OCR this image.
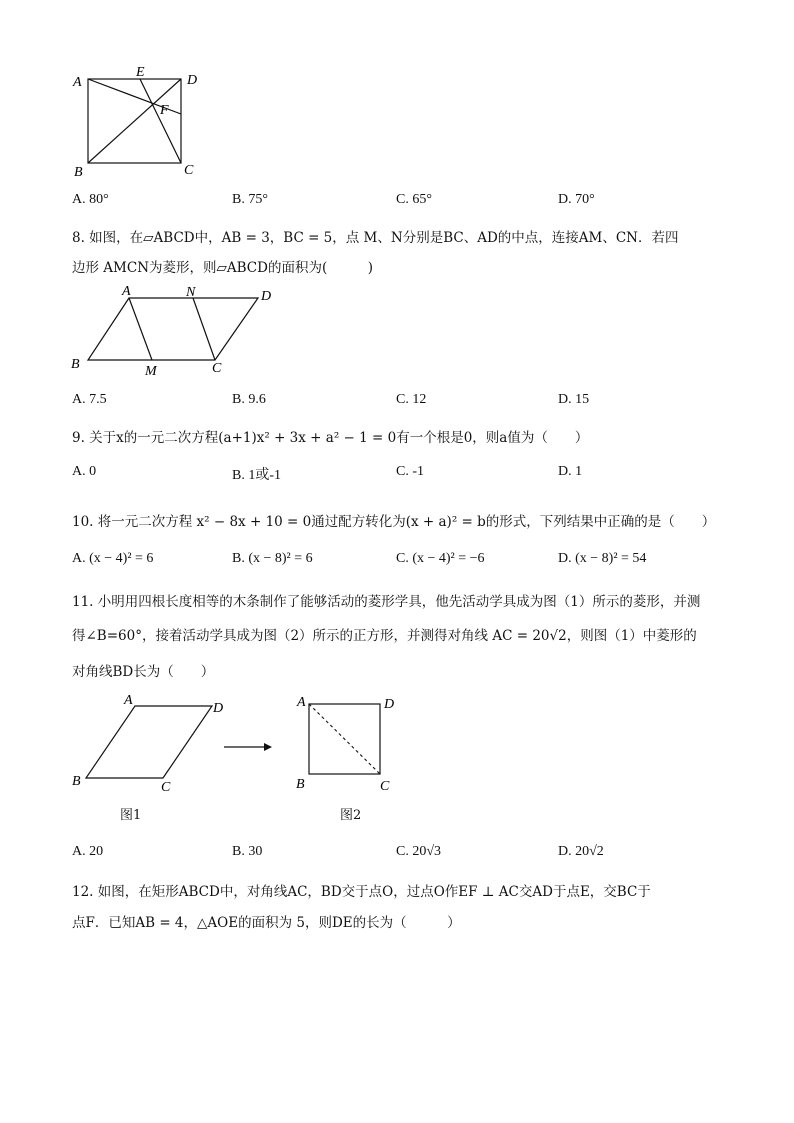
A
E
D
F
B	C
A. 80°	B. 75°	C. 65°	D. 70°
8. 如图，在▱ABCD中，AB = 3，BC = 5，点 M、N分别是BC、AD的中点，连接AM、CN．若四
边形 AMCN为菱形，则▱ABCD的面积为(　　　)
A	N	D
B	M	C
A. 7.5	B. 9.6	C. 12	D. 15
9. 关于x的一元二次方程(a+1)x² + 3x + a² − 1 = 0有一个根是0，则a值为（　　）
A. 0	B. 1或-1	C. -1	D. 1
10. 将一元二次方程 x² − 8x + 10 = 0通过配方转化为(x + a)² = b的形式，下列结果中正确的是（　　）
A. (x − 4)² = 6	B. (x − 8)² = 6	C. (x − 4)² = −6	D. (x − 8)² = 54
11. 小明用四根长度相等的木条制作了能够活动的菱形学具，他先活动学具成为图（1）所示的菱形，并测
得∠B=60°，接着活动学具成为图（2）所示的正方形，并测得对角线 AC = 20√2，则图（1）中菱形的
对角线BD长为（　　）
A
D
B	C
图1
A	D
B	C
图2
A. 20	B. 30	C. 20√3	D. 20√2
12. 如图，在矩形ABCD中，对角线AC，BD交于点O，过点O作EF ⊥ AC交AD于点E，交BC于
点F．已知AB = 4，△AOE的面积为 5，则DE的长为（　　　）
